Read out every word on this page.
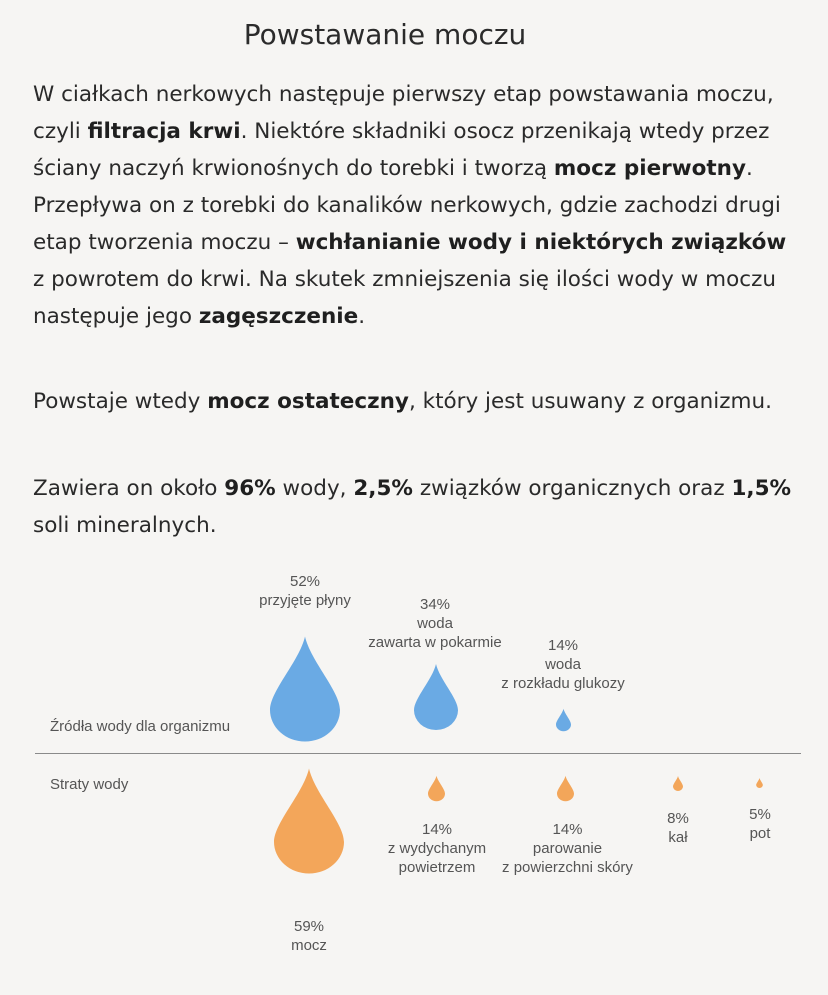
Powstawanie moczu

W ciałkach nerkowych następuje pierwszy etap powstawania moczu, czyli filtracja krwi. Niektóre składniki osocz przenikają wtedy przez ściany naczyń krwionośnych do torebki i tworzą mocz pierwotny. Przepływa on z torebki do kanalików nerkowych, gdzie zachodzi drugi etap tworzenia moczu – wchłanianie wody i niektórych związków z powrotem do krwi. Na skutek zmniejszenia się ilości wody w moczu następuje jego zagęszczenie.

Powstaje wtedy mocz ostateczny, który jest usuwany z organizmu.

Zawiera on około 96% wody, 2,5% związków organicznych oraz 1,5% soli mineralnych.

Źródła wody dla organizmu
Straty wody
52%
przyjęte płyny	34%
woda
zawarta w pokarmie	14%
woda
z rozkładu glukozy
59%
mocz
14%
z wydychanym
powietrzem
14%
parowanie
z powierzchni skóry
8%
kał
5%
pot
